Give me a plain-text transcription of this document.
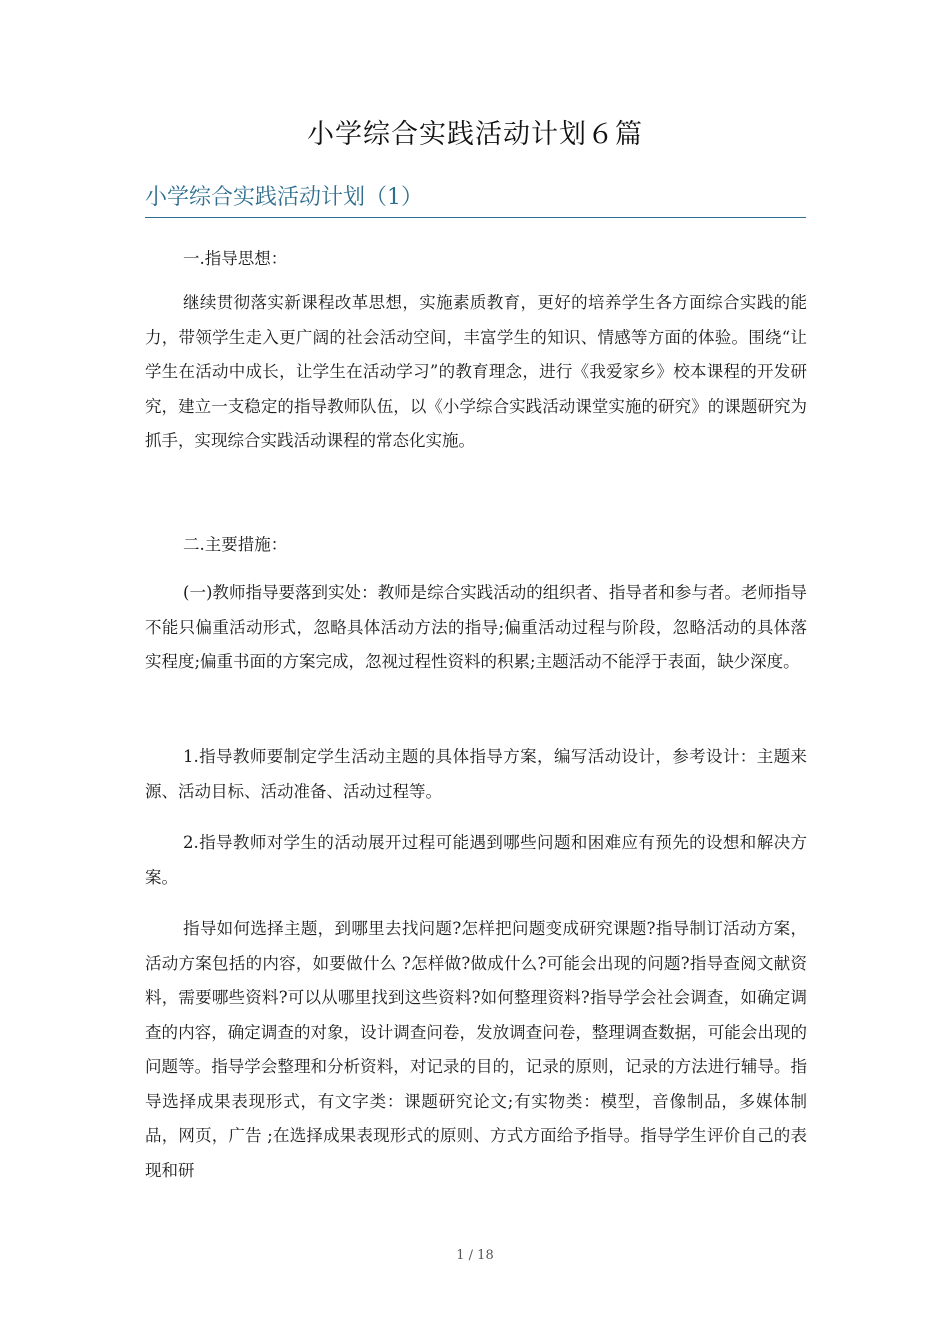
小学综合实践活动计划６篇
小学综合实践活动计划（1）
一.指导思想：
继续贯彻落实新课程改革思想，实施素质教育，更好的培养学生各方面综合实践的能力，带领学生走入更广阔的社会活动空间，丰富学生的知识、情感等方面的体验。围绕“让学生在活动中成长，让学生在活动学习”的教育理念，进行《我爱家乡》校本课程的开发研究，建立一支稳定的指导教师队伍，以《小学综合实践活动课堂实施的研究》的课题研究为抓手，实现综合实践活动课程的常态化实施。
二.主要措施：
(一)教师指导要落到实处：教师是综合实践活动的组织者、指导者和参与者。老师指导不能只偏重活动形式，忽略具体活动方法的指导;偏重活动过程与阶段，忽略活动的具体落实程度;偏重书面的方案完成，忽视过程性资料的积累;主题活动不能浮于表面，缺少深度。
1.指导教师要制定学生活动主题的具体指导方案，编写活动设计，参考设计：主题来源、活动目标、活动准备、活动过程等。
2.指导教师对学生的活动展开过程可能遇到哪些问题和困难应有预先的设想和解决方案。
指导如何选择主题，到哪里去找问题?怎样把问题变成研究课题?指导制订活动方案，活动方案包括的内容，如要做什么 ?怎样做?做成什么?可能会出现的问题?指导查阅文献资料，需要哪些资料?可以从哪里找到这些资料?如何整理资料?指导学会社会调查，如确定调查的内容，确定调查的对象，设计调查问卷，发放调查问卷，整理调查数据，可能会出现的问题等。指导学会整理和分析资料，对记录的目的，记录的原则，记录的方法进行辅导。指导选择成果表现形式，有文字类：课题研究论文;有实物类：模型，音像制品，多媒体制品，网页，广告 ;在选择成果表现形式的原则、方式方面给予指导。指导学生评价自己的表现和研
1 / 18
